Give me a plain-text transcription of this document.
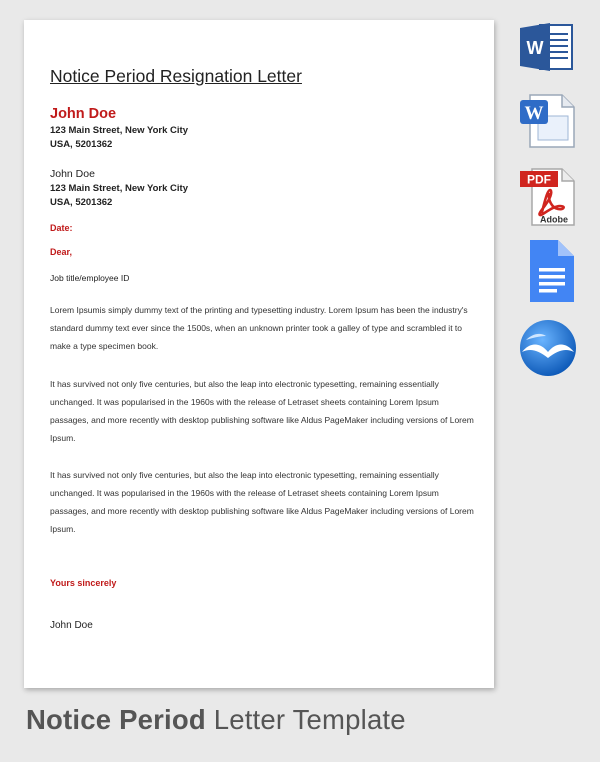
Notice Period Resignation Letter
John Doe
123 Main Street, New York City
USA, 5201362
John Doe
123 Main Street, New York City
USA, 5201362
Date:
Dear,
Job title/employee ID
Lorem Ipsumis simply dummy text of the printing and typesetting industry. Lorem Ipsum has been the industry's standard dummy text ever since the 1500s, when an unknown printer took a galley of type and scrambled it to make a type specimen book.
It has survived not only five centuries, but also the leap into electronic typesetting, remaining essentially unchanged. It was popularised in the 1960s with the release of Letraset sheets containing Lorem Ipsum passages, and more recently with desktop publishing software like Aldus PageMaker including versions of Lorem Ipsum.
It has survived not only five centuries, but also the leap into electronic typesetting, remaining essentially unchanged. It was popularised in the 1960s with the release of Letraset sheets containing Lorem Ipsum passages, and more recently with desktop publishing software like Aldus PageMaker including versions of Lorem Ipsum.
Yours sincerely
John Doe
W
W
PDF
Adobe
Notice Period Letter Template
